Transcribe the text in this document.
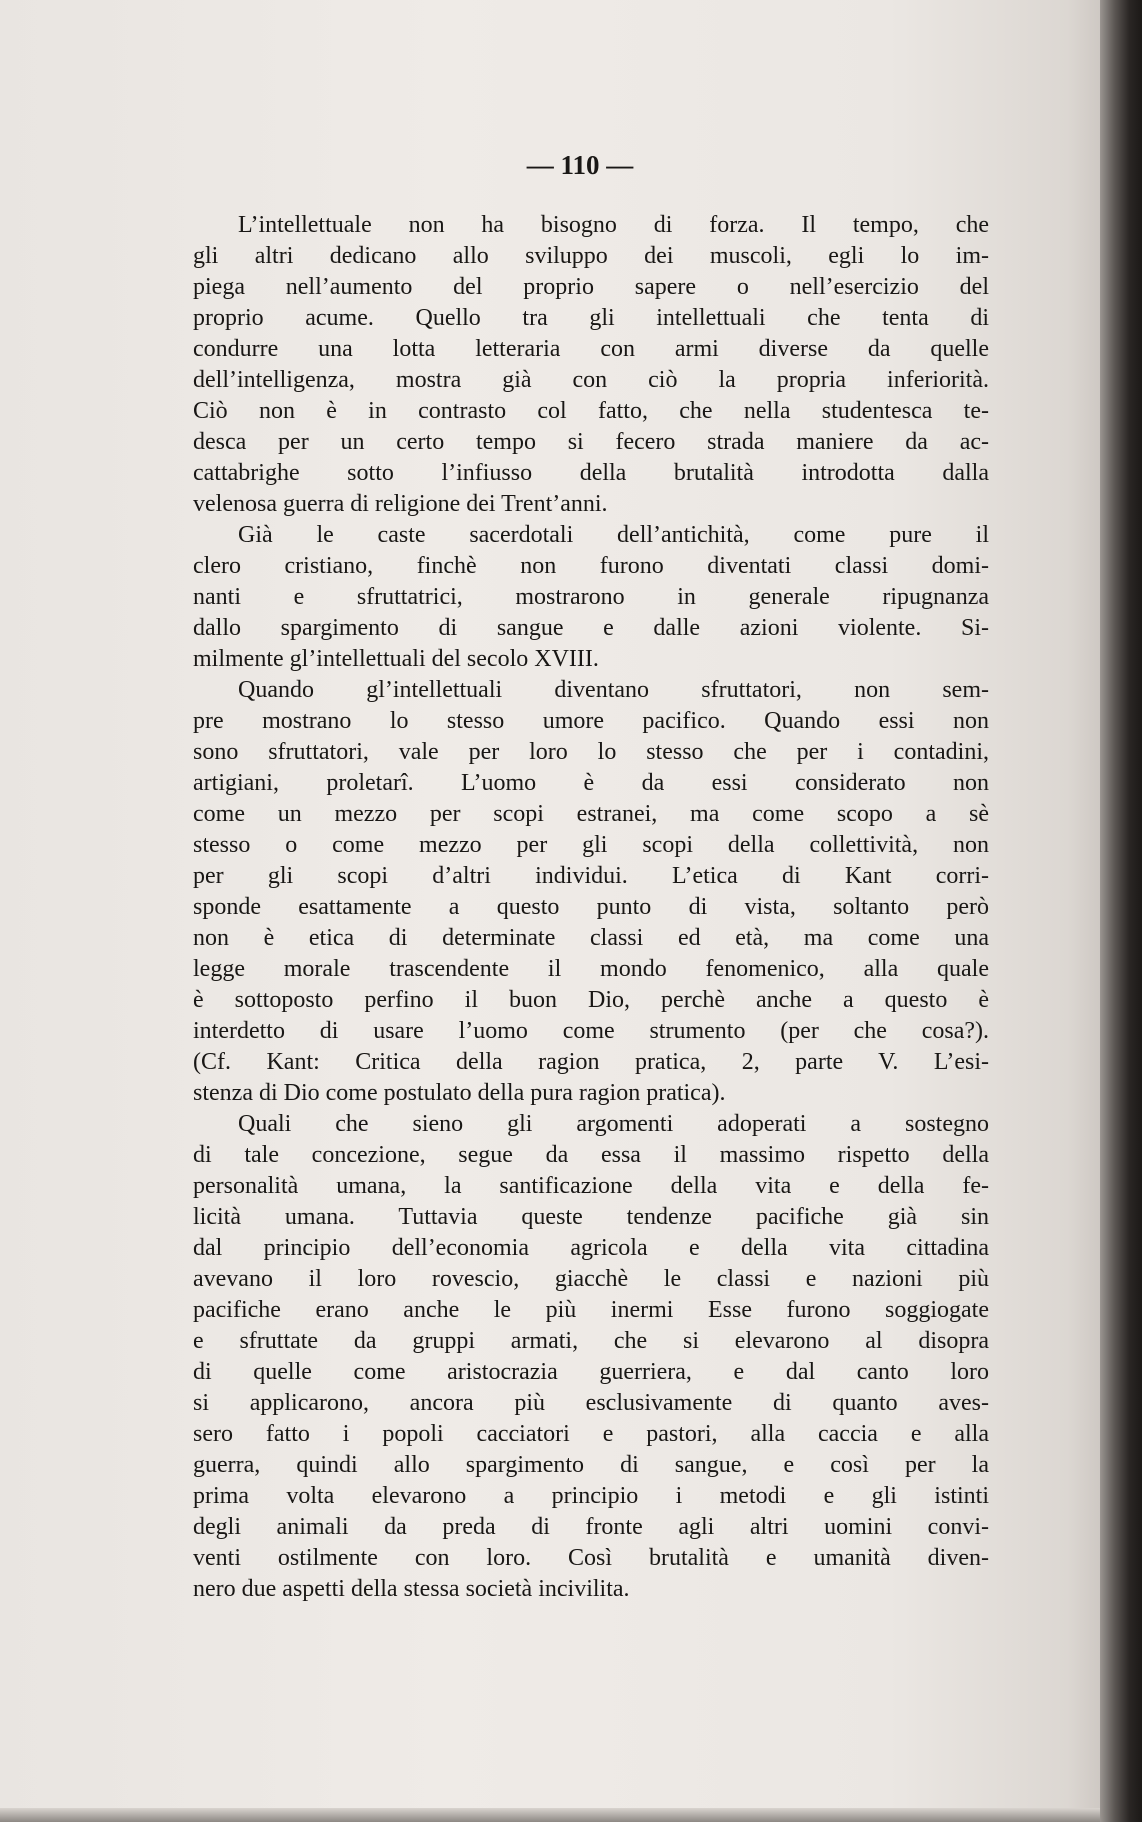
— 110 —
L’intellettuale non ha bisogno di forza. Il tempo, che
gli altri dedicano allo sviluppo dei muscoli, egli lo im-
piega nell’aumento del proprio sapere o nell’esercizio del
proprio acume. Quello tra gli intellettuali che tenta di
condurre una lotta letteraria con armi diverse da quelle
dell’intelligenza, mostra già con ciò la propria inferiorità.
Ciò non è in contrasto col fatto, che nella studentesca te-
desca per un certo tempo si fecero strada maniere da ac-
cattabrighe sotto l’infiusso della brutalità introdotta dalla
velenosa guerra di religione dei Trent’anni.
Già le caste sacerdotali dell’antichità, come pure il
clero cristiano, finchè non furono diventati classi domi-
nanti e sfruttatrici, mostrarono in generale ripugnanza
dallo spargimento di sangue e dalle azioni violente. Si-
milmente gl’intellettuali del secolo XVIII.
Quando gl’intellettuali diventano sfruttatori, non sem-
pre mostrano lo stesso umore pacifico. Quando essi non
sono sfruttatori, vale per loro lo stesso che per i contadini,
artigiani, proletarî. L’uomo è da essi considerato non
come un mezzo per scopi estranei, ma come scopo a sè
stesso o come mezzo per gli scopi della collettività, non
per gli scopi d’altri individui. L’etica di Kant corri-
sponde esattamente a questo punto di vista, soltanto però
non è etica di determinate classi ed età, ma come una
legge morale trascendente il mondo fenomenico, alla quale
è sottoposto perfino il buon Dio, perchè anche a questo è
interdetto di usare l’uomo come strumento (per che cosa?).
(Cf. Kant: Critica della ragion pratica, 2, parte V. L’esi-
stenza di Dio come postulato della pura ragion pratica).
Quali che sieno gli argomenti adoperati a sostegno
di tale concezione, segue da essa il massimo rispetto della
personalità umana, la santificazione della vita e della fe-
licità umana. Tuttavia queste tendenze pacifiche già sin
dal principio dell’economia agricola e della vita cittadina
avevano il loro rovescio, giacchè le classi e nazioni più
pacifiche erano anche le più inermi Esse furono soggiogate
e sfruttate da gruppi armati, che si elevarono al disopra
di quelle come aristocrazia guerriera, e dal canto loro
si applicarono, ancora più esclusivamente di quanto aves-
sero fatto i popoli cacciatori e pastori, alla caccia e alla
guerra, quindi allo spargimento di sangue, e così per la
prima volta elevarono a principio i metodi e gli istinti
degli animali da preda di fronte agli altri uomini convi-
venti ostilmente con loro. Così brutalità e umanità diven-
nero due aspetti della stessa società incivilita.
